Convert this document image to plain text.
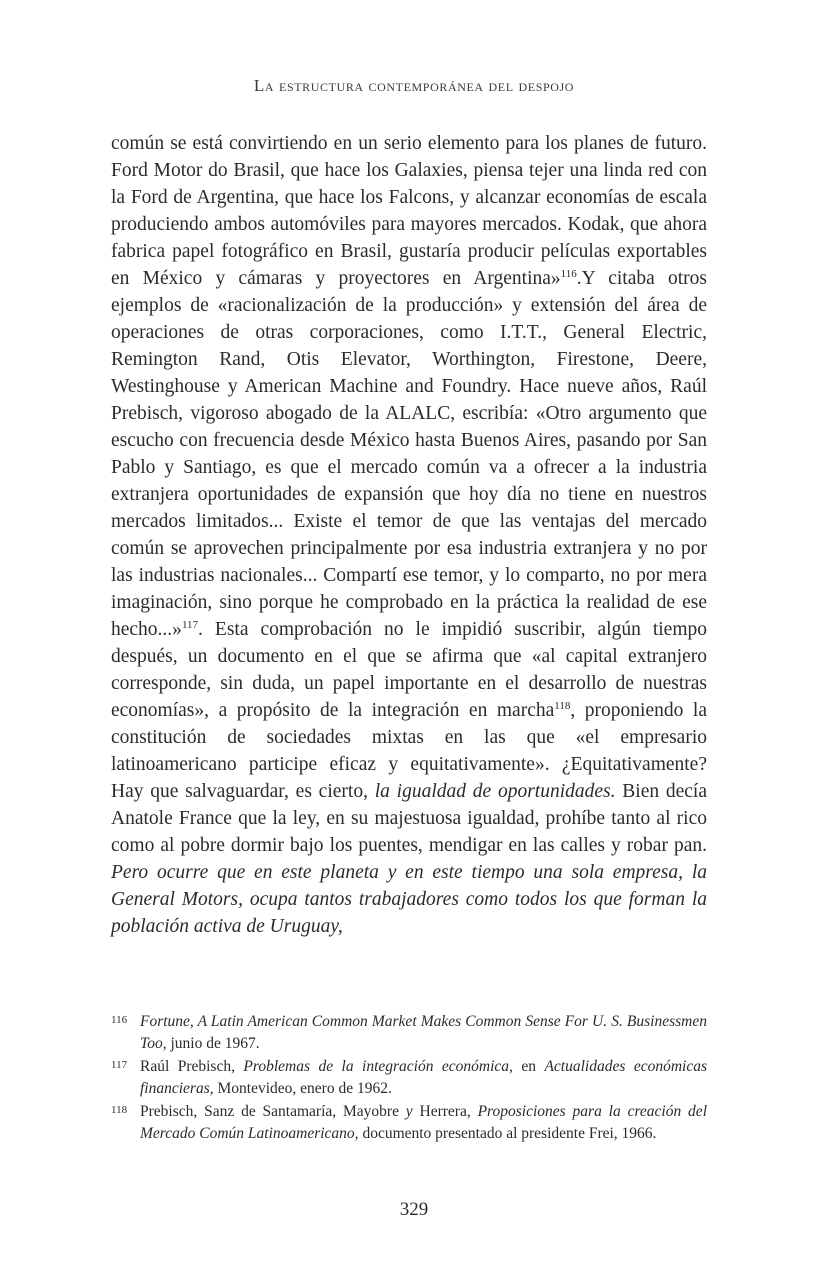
La estructura contemporánea del despojo

común se está convirtiendo en un serio elemento para los planes de futuro. Ford Motor do Brasil, que hace los Galaxies, piensa tejer una linda red con la Ford de Argentina, que hace los Falcons, y alcanzar economías de escala produciendo ambos automóviles para mayores mercados. Kodak, que ahora fabrica papel fotográfico en Brasil, gustaría producir películas exportables en México y cámaras y proyectores en Argentina»$^{116}$.Y citaba otros ejemplos de «racionalización de la producción» y extensión del área de operaciones de otras corporaciones, como I.T.T., General Electric, Remington Rand, Otis Elevator, Worthington, Firestone, Deere, Westinghouse y American Machine and Foundry. Hace nueve años, Raúl Prebisch, vigoroso abogado de la ALALC, escribía: «Otro argumento que escucho con frecuencia desde México hasta Buenos Aires, pasando por San Pablo y Santiago, es que el mercado común va a ofrecer a la industria extranjera oportunidades de expansión que hoy día no tiene en nuestros mercados limitados... Existe el temor de que las ventajas del mercado común se aprovechen principalmente por esa industria extranjera y no por las industrias nacionales... Compartí ese temor, y lo comparto, no por mera imaginación, sino porque he comprobado en la práctica la realidad de ese hecho...»$^{117}$. Esta comprobación no le impidió suscribir, algún tiempo después, un documento en el que se afirma que «al capital extranjero corresponde, sin duda, un papel importante en el desarrollo de nuestras economías», a propósito de la integración en marcha$^{118}$, proponiendo la constitución de sociedades mixtas en las que «el empresario latinoamericano participe eficaz y equitativamente». ¿Equitativamente? Hay que salvaguardar, es cierto, la igualdad de oportunidades. Bien decía Anatole France que la ley, en su majestuosa igualdad, prohíbe tanto al rico como al pobre dormir bajo los puentes, mendigar en las calles y robar pan. Pero ocurre que en este planeta y en este tiempo una sola empresa, la General Motors, ocupa tantos trabajadores como todos los que forman la población activa de Uruguay,

116 Fortune, A Latin American Common Market Makes Common Sense For U. S. Businessmen Too, junio de 1967.
117 Raúl Prebisch, Problemas de la integración económica, en Actualidades económicas financieras, Montevideo, enero de 1962.
118 Prebisch, Sanz de Santamaría, Mayobre y Herrera, Proposiciones para la creación del Mercado Común Latinoamericano, documento presentado al presidente Frei, 1966.
329
